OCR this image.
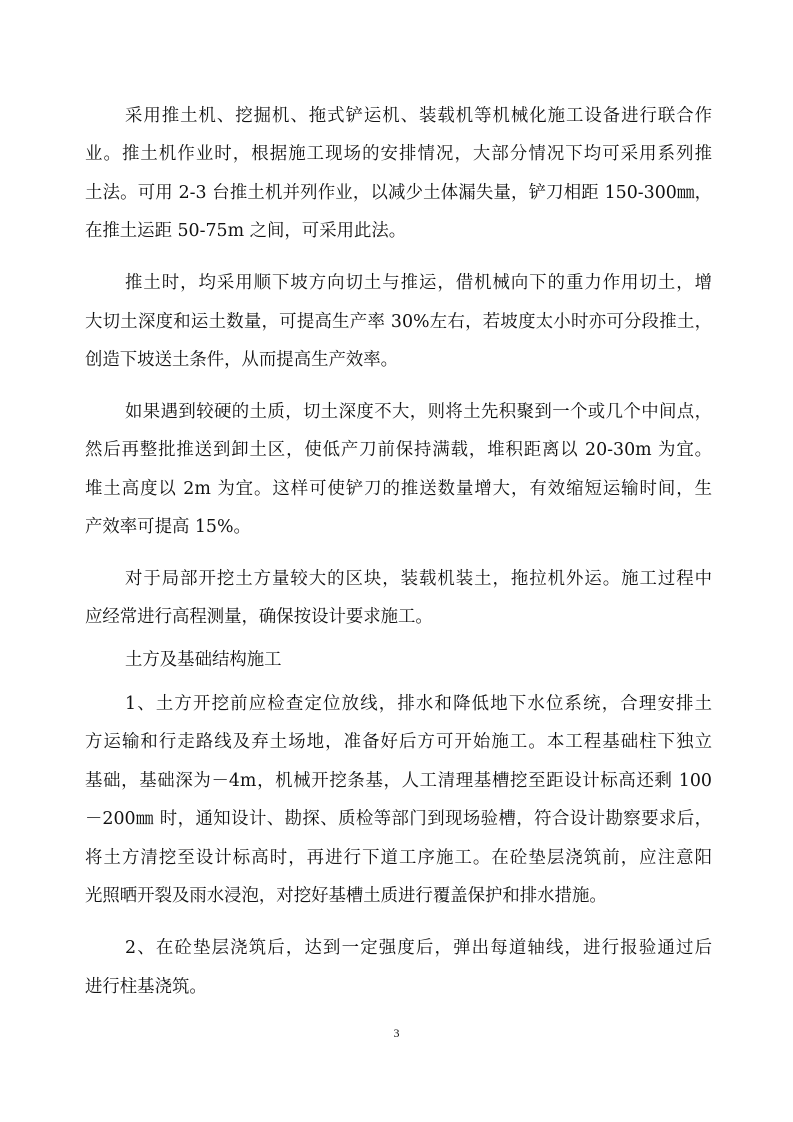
采用推土机、挖掘机、拖式铲运机、装载机等机械化施工设备进行联合作
业。推土机作业时，根据施工现场的安排情况，大部分情况下均可采用系列推
土法。可用 2-3 台推土机并列作业，以减少土体漏失量，铲刀相距 150-300㎜，
在推土运距 50-75m 之间，可采用此法。
推土时，均采用顺下坡方向切土与推运，借机械向下的重力作用切土，增
大切土深度和运土数量，可提高生产率 30%左右，若坡度太小时亦可分段推土，
创造下坡送土条件，从而提高生产效率。
如果遇到较硬的土质，切土深度不大，则将土先积聚到一个或几个中间点，
然后再整批推送到卸土区，使低产刀前保持满载，堆积距离以 20-30m 为宜。
堆土高度以 2m 为宜。这样可使铲刀的推送数量增大，有效缩短运输时间，生
产效率可提高 15%。
对于局部开挖土方量较大的区块，装载机装土，拖拉机外运。施工过程中
应经常进行高程测量，确保按设计要求施工。
土方及基础结构施工
1、土方开挖前应检查定位放线，排水和降低地下水位系统，合理安排土
方运输和行走路线及弃土场地，准备好后方可开始施工。本工程基础柱下独立
基础，基础深为－4m，机械开挖条基，人工清理基槽挖至距设计标高还剩 100
－200㎜ 时，通知设计、勘探、质检等部门到现场验槽，符合设计勘察要求后，
将土方清挖至设计标高时，再进行下道工序施工。在砼垫层浇筑前，应注意阳
光照晒开裂及雨水浸泡，对挖好基槽土质进行覆盖保护和排水措施。
2、在砼垫层浇筑后，达到一定强度后，弹出每道轴线，进行报验通过后
进行柱基浇筑。
3
